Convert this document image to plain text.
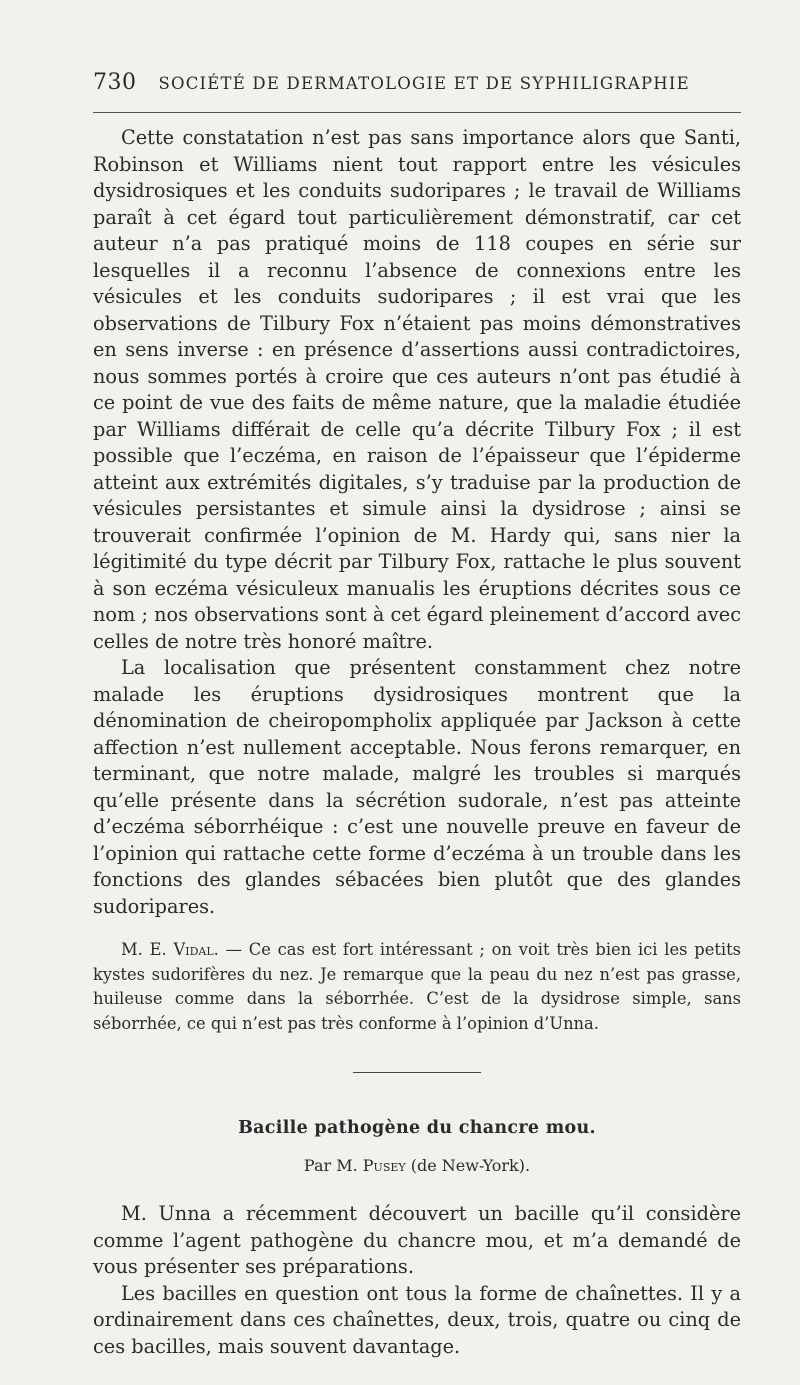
730 SOCIÉTÉ DE DERMATOLOGIE ET DE SYPHILIGRAPHIE

Cette constatation n’est pas sans importance alors que Santi, Robinson et Williams nient tout rapport entre les vésicules dysidrosiques et les conduits sudoripares ; le travail de Williams paraît à cet égard tout particulièrement démonstratif, car cet auteur n’a pas pratiqué moins de 118 coupes en série sur lesquelles il a reconnu l’absence de connexions entre les vésicules et les conduits sudoripares ; il est vrai que les observations de Tilbury Fox n’étaient pas moins démonstratives en sens inverse : en présence d’assertions aussi contradictoires, nous sommes portés à croire que ces auteurs n’ont pas étudié à ce point de vue des faits de même nature, que la maladie étudiée par Williams différait de celle qu’a décrite Tilbury Fox ; il est possible que l’eczéma, en raison de l’épaisseur que l’épiderme atteint aux extrémités digitales, s’y traduise par la production de vésicules persistantes et simule ainsi la dysidrose ; ainsi se trouverait confirmée l’opinion de M. Hardy qui, sans nier la légitimité du type décrit par Tilbury Fox, rattache le plus souvent à son eczéma vésiculeux manualis les éruptions décrites sous ce nom ; nos observations sont à cet égard pleinement d’accord avec celles de notre très honoré maître.

La localisation que présentent constamment chez notre malade les éruptions dysidrosiques montrent que la dénomination de cheiropompholix appliquée par Jackson à cette affection n’est nullement acceptable. Nous ferons remarquer, en terminant, que notre malade, malgré les troubles si marqués qu’elle présente dans la sécrétion sudorale, n’est pas atteinte d’eczéma séborrhéique : c’est une nouvelle preuve en faveur de l’opinion qui rattache cette forme d’eczéma à un trouble dans les fonctions des glandes sébacées bien plutôt que des glandes sudoripares.

M. E. Vidal. — Ce cas est fort intéressant ; on voit très bien ici les petits kystes sudorifères du nez. Je remarque que la peau du nez n’est pas grasse, huileuse comme dans la séborrhée. C’est de la dysidrose simple, sans séborrhée, ce qui n’est pas très conforme à l’opinion d’Unna.

Bacille pathogène du chancre mou.
Par M. Pusey (de New-York).

M. Unna a récemment découvert un bacille qu’il considère comme l’agent pathogène du chancre mou, et m’a demandé de vous présenter ses préparations.

Les bacilles en question ont tous la forme de chaînettes. Il y a ordinairement dans ces chaînettes, deux, trois, quatre ou cinq de ces bacilles, mais souvent davantage.
